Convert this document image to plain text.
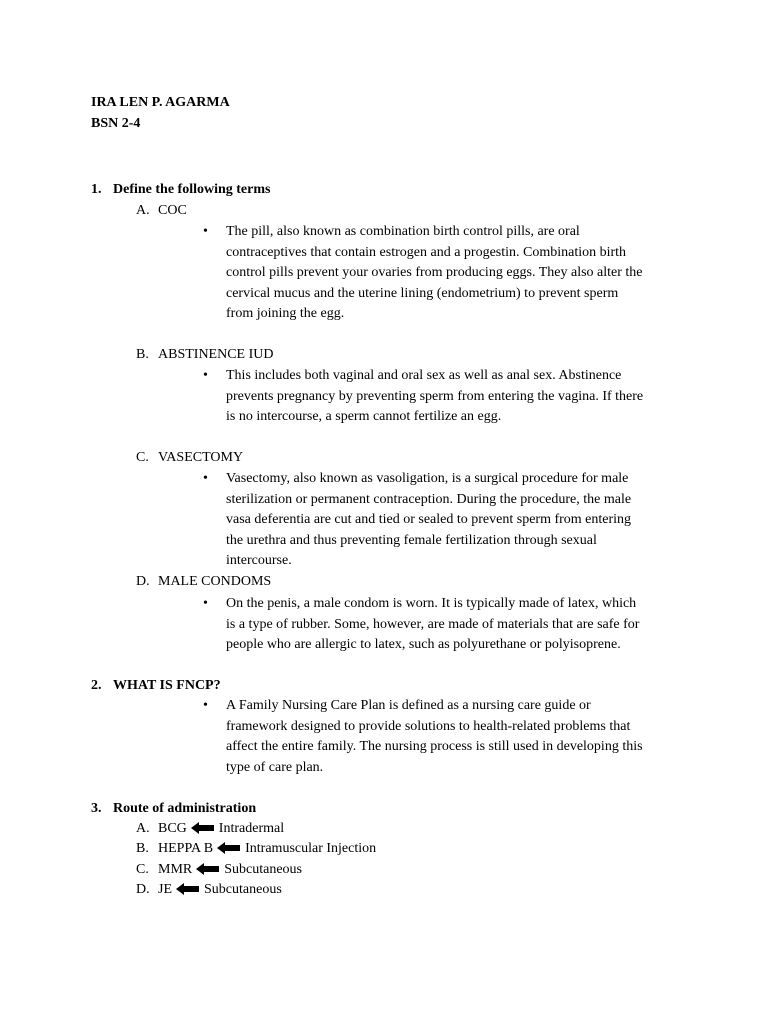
IRA LEN P. AGARMA
BSN 2-4
1. Define the following terms
A. COC
• The pill, also known as combination birth control pills, are oral
contraceptives that contain estrogen and a progestin. Combination birth
control pills prevent your ovaries from producing eggs. They also alter the
cervical mucus and the uterine lining (endometrium) to prevent sperm
from joining the egg.
B. ABSTINENCE IUD
• This includes both vaginal and oral sex as well as anal sex. Abstinence
prevents pregnancy by preventing sperm from entering the vagina. If there
is no intercourse, a sperm cannot fertilize an egg.
C. VASECTOMY
• Vasectomy, also known as vasoligation, is a surgical procedure for male
sterilization or permanent contraception. During the procedure, the male
vasa deferentia are cut and tied or sealed to prevent sperm from entering
the urethra and thus preventing female fertilization through sexual
intercourse.
D. MALE CONDOMS
• On the penis, a male condom is worn. It is typically made of latex, which
is a type of rubber. Some, however, are made of materials that are safe for
people who are allergic to latex, such as polyurethane or polyisoprene.
2. WHAT IS FNCP?
• A Family Nursing Care Plan is defined as a nursing care guide or
framework designed to provide solutions to health-related problems that
affect the entire family. The nursing process is still used in developing this
type of care plan.
3. Route of administration
A. BCG Intradermal
B. HEPPA B Intramuscular Injection
C. MMR Subcutaneous
D. JE Subcutaneous
